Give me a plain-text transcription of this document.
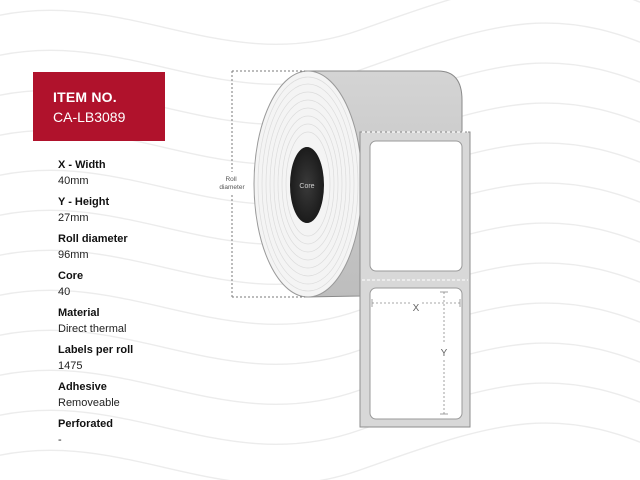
ITEM NO.
CA-LB3089
X - Width
40mm
Y - Height
27mm
Roll diameter
96mm
Core
40
Material
Direct thermal
Labels per roll
1475
Adhesive
Removeable
Perforated
-
Core
Roll diameter
X
Y
